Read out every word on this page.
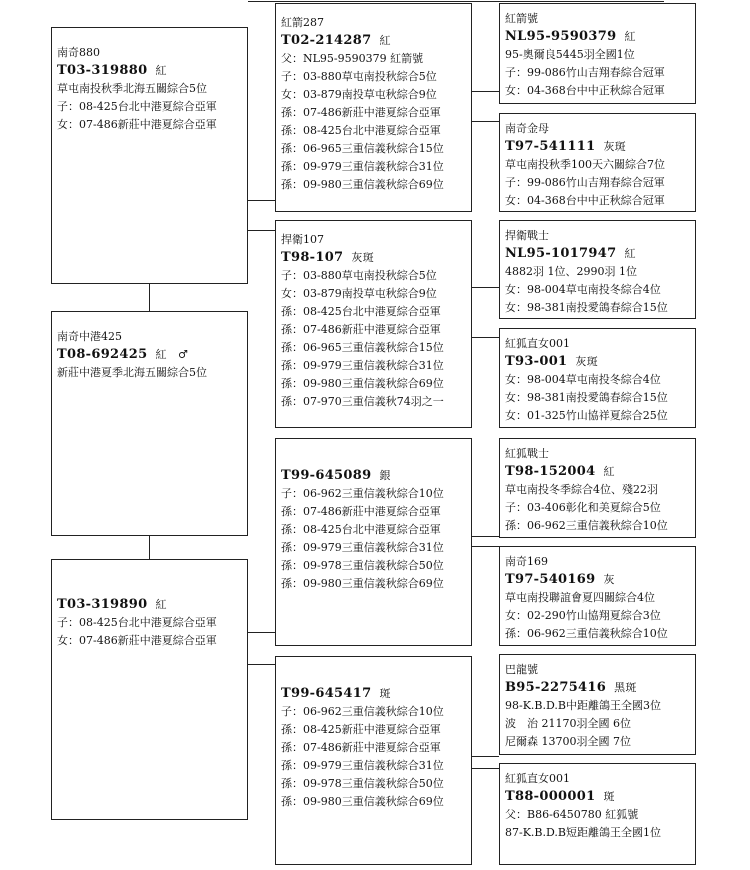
南奇880
T03-319880 紅
草屯南投秋季北海五關綜合5位
子：08-425台北中港夏綜合亞軍
女：07-486新莊中港夏綜合亞軍
南奇中港425
T08-692425 紅　♂
新莊中港夏季北海五關綜合5位
T03-319890 紅
子：08-425台北中港夏綜合亞軍
女：07-486新莊中港夏綜合亞軍
紅箭287
T02-214287 紅
父：NL95-9590379 紅箭號
子：03-880草屯南投秋綜合5位
女：03-879南投草屯秋綜合9位
孫：07-486新莊中港夏綜合亞軍
孫：08-425台北中港夏綜合亞軍
孫：06-965三重信義秋綜合15位
孫：09-979三重信義秋綜合31位
孫：09-980三重信義秋綜合69位
捍衛107
T98-107 灰斑
子：03-880草屯南投秋綜合5位
女：03-879南投草屯秋綜合9位
孫：08-425台北中港夏綜合亞軍
孫：07-486新莊中港夏綜合亞軍
孫：06-965三重信義秋綜合15位
孫：09-979三重信義秋綜合31位
孫：09-980三重信義秋綜合69位
孫：07-970三重信義秋74羽之一
T99-645089 銀
子：06-962三重信義秋綜合10位
孫：07-486新莊中港夏綜合亞軍
孫：08-425台北中港夏綜合亞軍
孫：09-979三重信義秋綜合31位
孫：09-978三重信義秋綜合50位
孫：09-980三重信義秋綜合69位
T99-645417 斑
子：06-962三重信義秋綜合10位
孫：08-425新莊中港夏綜合亞軍
孫：07-486新莊中港夏綜合亞軍
孫：09-979三重信義秋綜合31位
孫：09-978三重信義秋綜合50位
孫：09-980三重信義秋綜合69位
紅箭號
NL95-9590379 紅
95-奧爾良5445羽全國1位
子：99-086竹山吉翔春綜合冠軍
女：04-368台中中正秋綜合冠軍
南奇金母
T97-541111 灰斑
草屯南投秋季100天六關綜合7位
子：99-086竹山吉翔春綜合冠軍
女：04-368台中中正秋綜合冠軍
捍衛戰士
NL95-1017947 紅
4882羽 1位、2990羽 1位
女：98-004草屯南投冬綜合4位
女：98-381南投愛鴿春綜合15位
紅狐直女001
T93-001 灰斑
女：98-004草屯南投冬綜合4位
女：98-381南投愛鴿春綜合15位
女：01-325竹山協祥夏綜合25位
紅狐戰士
T98-152004 紅
草屯南投冬季綜合4位、殘22羽
子：03-406彰化和美夏綜合5位
孫：06-962三重信義秋綜合10位
南奇169
T97-540169 灰
草屯南投聯誼會夏四關綜合4位
女：02-290竹山協翔夏綜合3位
孫：06-962三重信義秋綜合10位
巴龍號
B95-2275416 黑斑
98-K.B.D.B中距離鴿王全國3位
波　治 21170羽全國 6位
尼爾森 13700羽全國 7位
紅狐直女001
T88-000001 斑
父：B86-6450780 紅狐號
87-K.B.D.B短距離鴿王全國1位
